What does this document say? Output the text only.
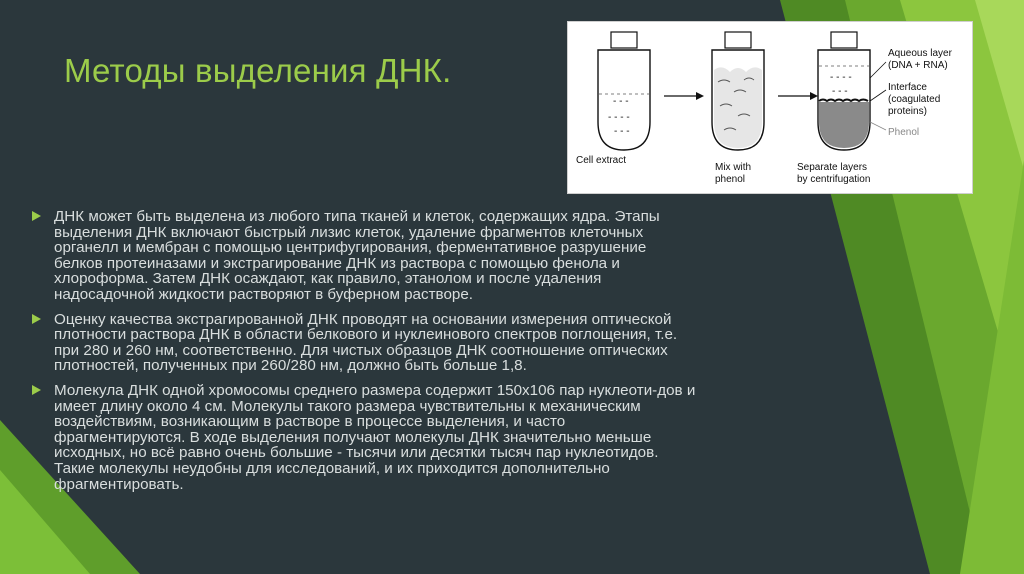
Методы выделения ДНК.
- - -
- - - -
- - -
- - - -
- - -
Cell extract
Mix with phenol
Separate layers by centrifugation
Aqueous layer (DNA + RNA)
Interface (coagulated proteins)
Phenol
ДНК может быть выделена из любого типа тканей и клеток, содержащих ядра. Этапы
выделения ДНК включают быстрый лизис клеток, удаление фрагментов клеточных
органелл и мембран с помощью центрифугирования, ферментативное разрушение
белков протеиназами и экстрагирование ДНК из раствора с помощью фенола и
хлороформа. Затем ДНК осаждают, как правило, этанолом и после удаления
надосадочной жидкости растворяют в буферном растворе.
Оценку качества экстрагированной ДНК проводят на основании измерения оптической
плотности раствора ДНК в области белкового и нуклеинового спектров поглощения, т.е.
при 280 и 260 нм, соответственно. Для чистых образцов ДНК соотношение оптических
плотностей, полученных при 260/280 нм, должно быть больше 1,8.
Молекула ДНК одной хромосомы среднего размера содержит 150х106 пар нуклеоти-дов и
имеет длину около 4 см. Молекулы такого размера чувствительны к механическим
воздействиям, возникающим в растворе в процессе выделения, и часто
фрагментируются. В ходе выделения получают молекулы ДНК значительно меньше
исходных, но всё равно очень большие - тысячи или десятки тысяч пар нуклеотидов.
Такие молекулы неудобны для исследований, и их приходится дополнительно
фрагментировать.
